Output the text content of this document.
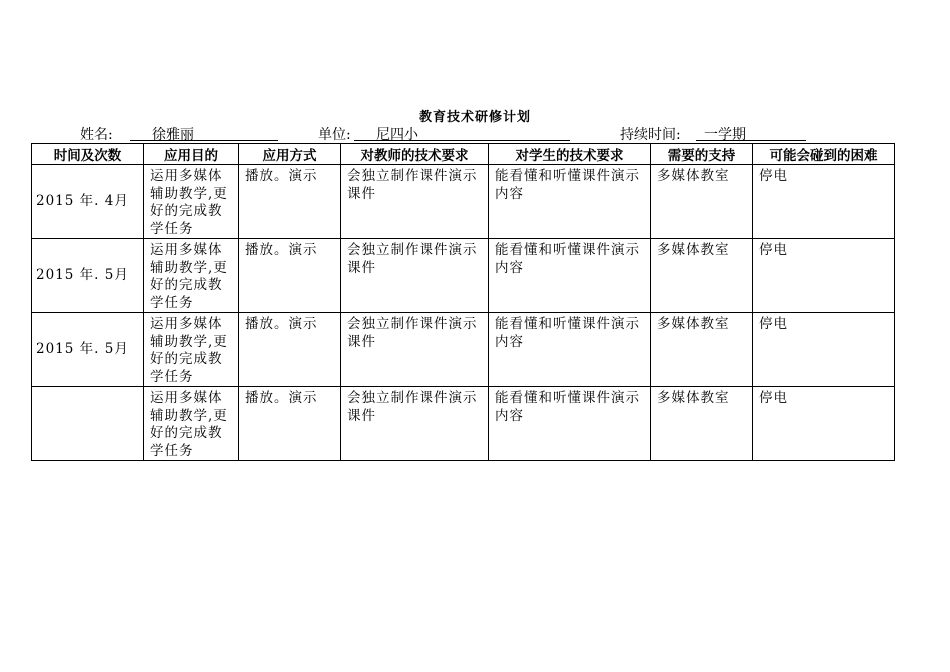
教育技术研修计划
姓名:	徐雅丽	单位:	尼四小	持续时间:	一学期
时间及次数	应用目的	应用方式	对教师的技术要求	对学生的技术要求	需要的支持	可能会碰到的困难
2015 年. 4月	运用多媒体辅助教学,更好的完成教学任务	播放。演示	会独立制作课件演示课件	能看懂和听懂课件演示内容	多媒体教室	停电
2015 年. 5月	运用多媒体辅助教学,更好的完成教学任务	播放。演示	会独立制作课件演示课件	能看懂和听懂课件演示内容	多媒体教室	停电
2015 年. 5月	运用多媒体辅助教学,更好的完成教学任务	播放。演示	会独立制作课件演示课件	能看懂和听懂课件演示内容	多媒体教室	停电
	运用多媒体辅助教学,更好的完成教学任务	播放。演示	会独立制作课件演示课件	能看懂和听懂课件演示内容	多媒体教室	停电
